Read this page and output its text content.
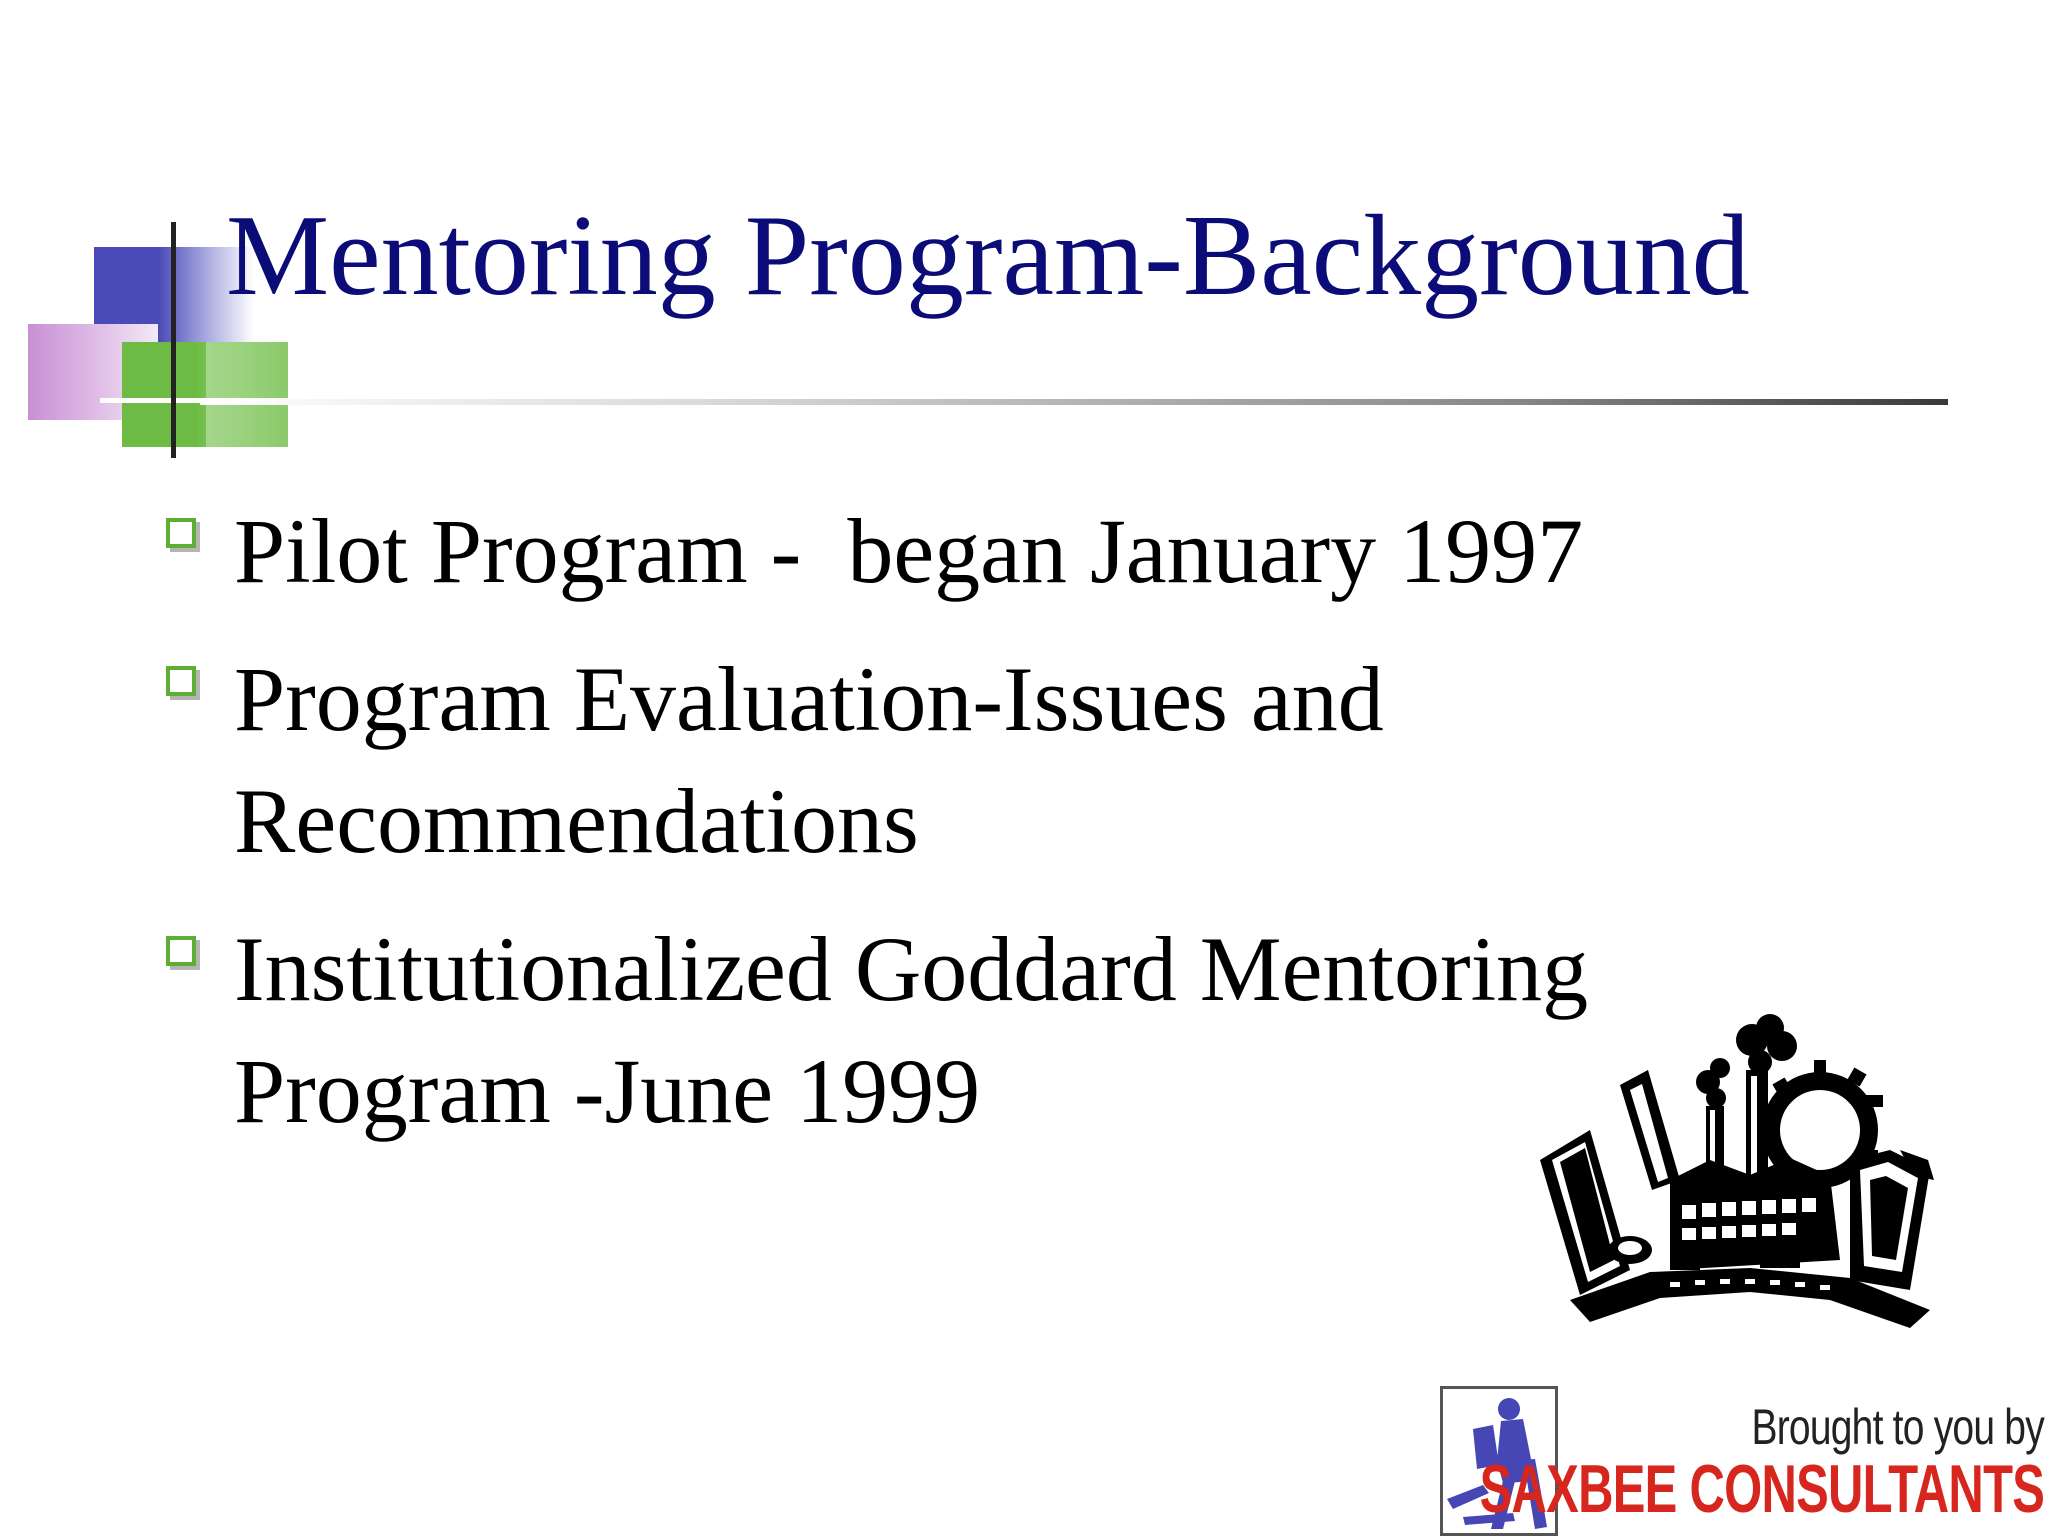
Mentoring Program-Background
Pilot Program -  began January 1997
Program Evaluation-Issues and
Recommendations
Institutionalized Goddard Mentoring
Program -June 1999
Brought to you by
SAXBEE CONSULTANTS
